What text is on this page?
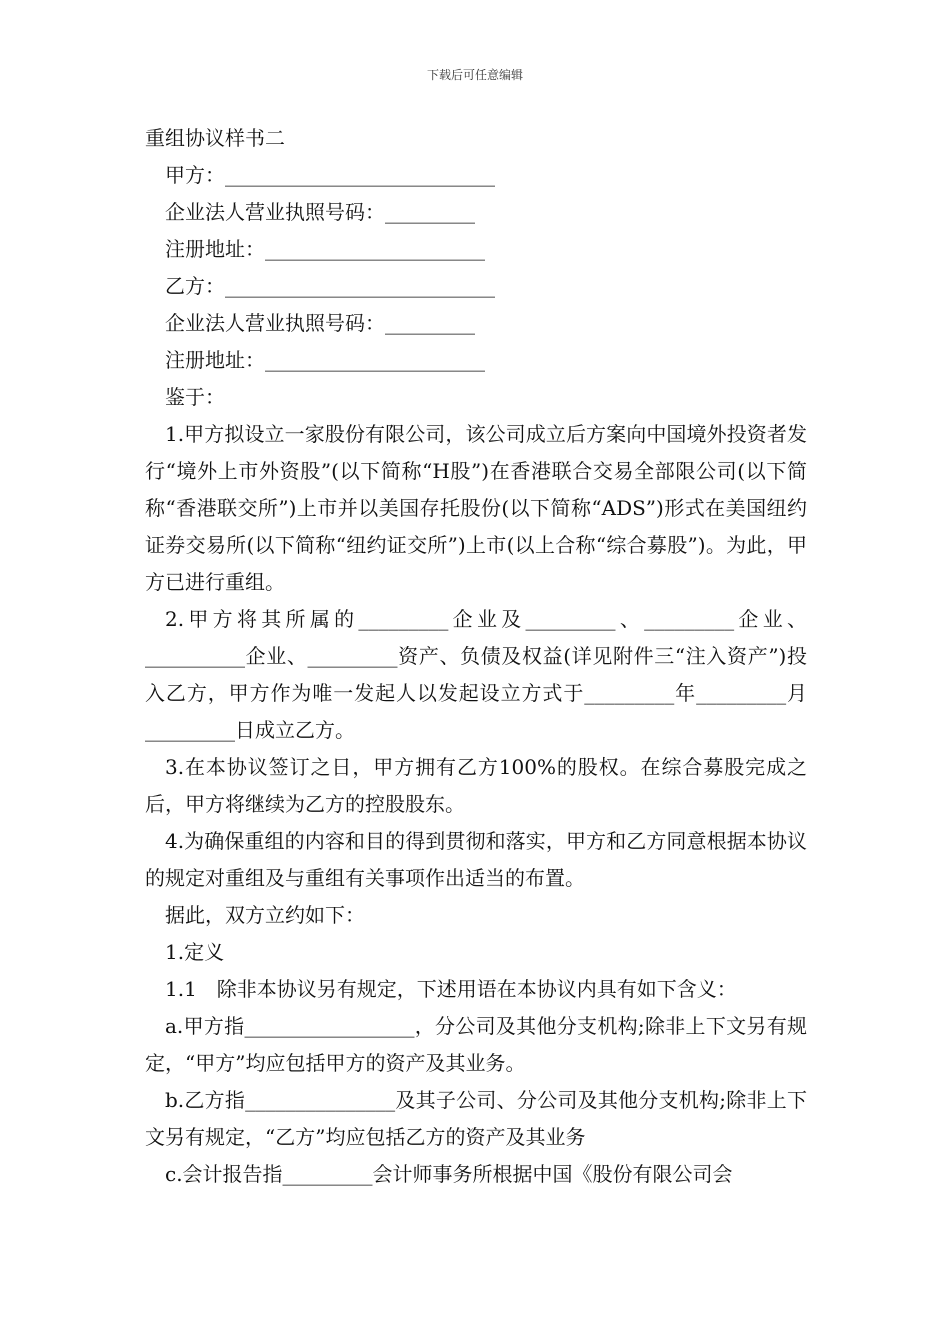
下载后可任意编辑

重组协议样书二

甲方：___________________________

企业法人营业执照号码：_________

注册地址：______________________

乙方：___________________________

企业法人营业执照号码：_________

注册地址：______________________

鉴于：

1.甲方拟设立一家股份有限公司，该公司成立后方案向中国境外投资者发行“境外上市外资股”(以下简称“H股”)在香港联合交易全部限公司(以下简称“香港联交所”)上市并以美国存托股份(以下简称“ADS”)形式在美国纽约证券交易所(以下简称“纽约证交所”)上市(以上合称“综合募股”)。为此，甲方已进行重组。

2.甲方将其所属的_________企业及_________、_________企业、__________企业、_________资产、负债及权益(详见附件三“注入资产”)投入乙方，甲方作为唯一发起人以发起设立方式于_________年_________月_________日成立乙方。

3.在本协议签订之日，甲方拥有乙方100%的股权。在综合募股完成之后，甲方将继续为乙方的控股股东。

4.为确保重组的内容和目的得到贯彻和落实，甲方和乙方同意根据本协议的规定对重组及与重组有关事项作出适当的布置。

据此，双方立约如下：

1.定义

1.1　除非本协议另有规定，下述用语在本协议内具有如下含义：

a.甲方指_________________，分公司及其他分支机构;除非上下文另有规定，“甲方”均应包括甲方的资产及其业务。

b.乙方指_______________及其子公司、分公司及其他分支机构;除非上下文另有规定，“乙方”均应包括乙方的资产及其业务

c.会计报告指_________会计师事务所根据中国《股份有限公司会
